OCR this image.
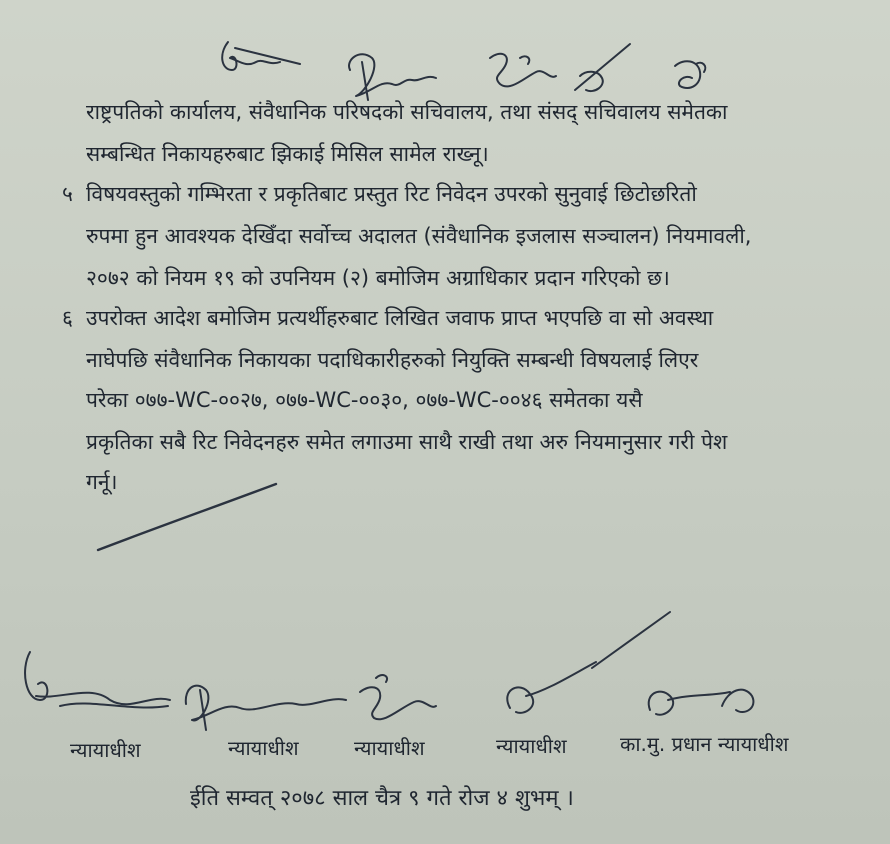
राष्ट्रपतिको कार्यालय, संवैधानिक परिषदको सचिवालय, तथा संसद् सचिवालय समेतका
सम्बन्धित निकायहरुबाट झिकाई मिसिल सामेल राख्नू।
५ विषयवस्तुको गम्भिरता र प्रकृतिबाट प्रस्तुत रिट निवेदन उपरको सुनुवाई छिटोछरितो
रुपमा हुन आवश्यक देखिँदा सर्वोच्च अदालत (संवैधानिक इजलास सञ्चालन) नियमावली,
२०७२ को नियम १९ को उपनियम (२) बमोजिम अग्राधिकार प्रदान गरिएको छ।
६ उपरोक्त आदेश बमोजिम प्रत्यर्थीहरुबाट लिखित जवाफ प्राप्त भएपछि वा सो अवस्था
नाघेपछि संवैधानिक निकायका पदाधिकारीहरुको नियुक्ति सम्बन्धी विषयलाई लिएर
परेका ०७७-WC-००२७, ०७७-WC-००३०, ०७७-WC-००४६ समेतका यसै
प्रकृतिका सबै रिट निवेदनहरु समेत लगाउमा साथै राखी तथा अरु नियमानुसार गरी पेश
गर्नू।
न्यायाधीश	न्यायाधीश	न्यायाधीश	न्यायाधीश	का.मु. प्रधान न्यायाधीश
ईति सम्वत् २०७८ साल चैत्र ९ गते रोज ४ शुभम् ।
